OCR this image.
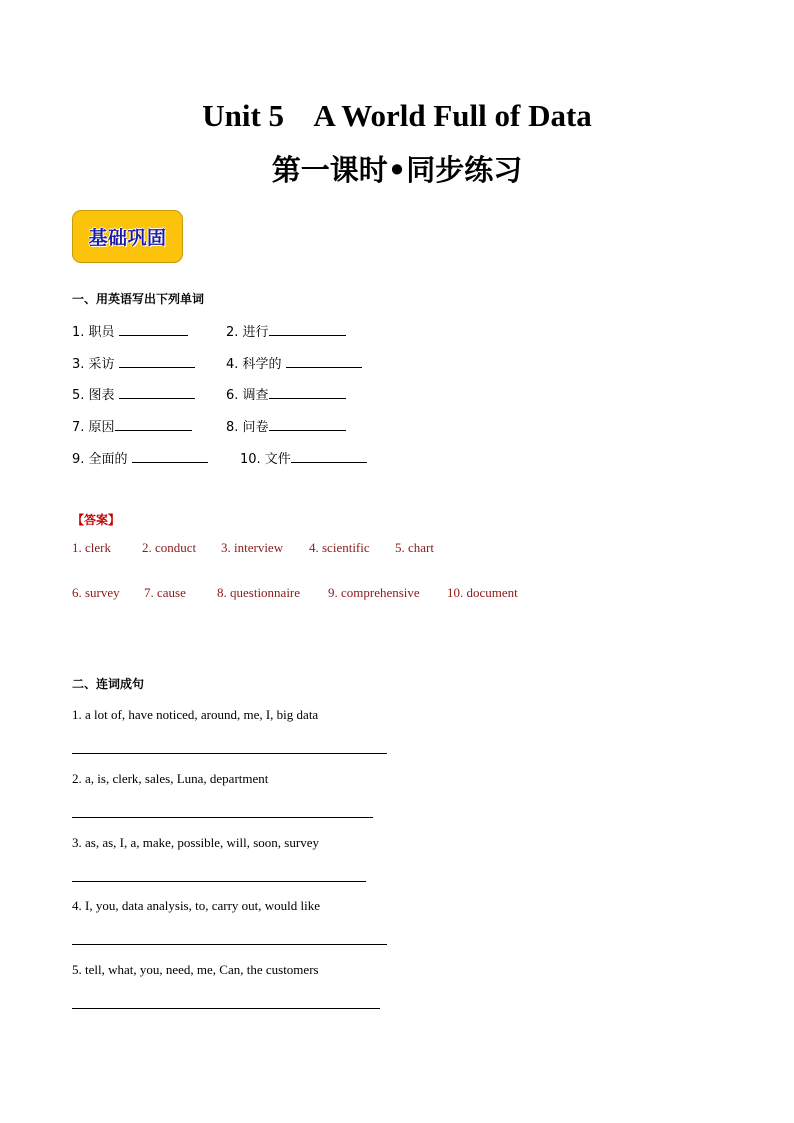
Unit 5    A World Full of Data
第一课时•同步练习
基础巩固
一、用英语写出下列单词
1. 职员	2. 进行
3. 采访	4. 科学的
5. 图表	6. 调查
7. 原因	8. 问卷
9. 全面的	10. 文件
【答案】
1. clerk 2. conduct 3. interview 4. scientific 5. chart
6. survey 7. cause 8. questionnaire 9. comprehensive 10. document
二、连词成句
1. a lot of, have noticed, around, me, I, big data
2. a, is, clerk, sales, Luna, department
3. as, as, I, a, make, possible, will, soon, survey
4. I, you, data analysis, to, carry out, would like
5. tell, what, you, need, me, Can, the customers
